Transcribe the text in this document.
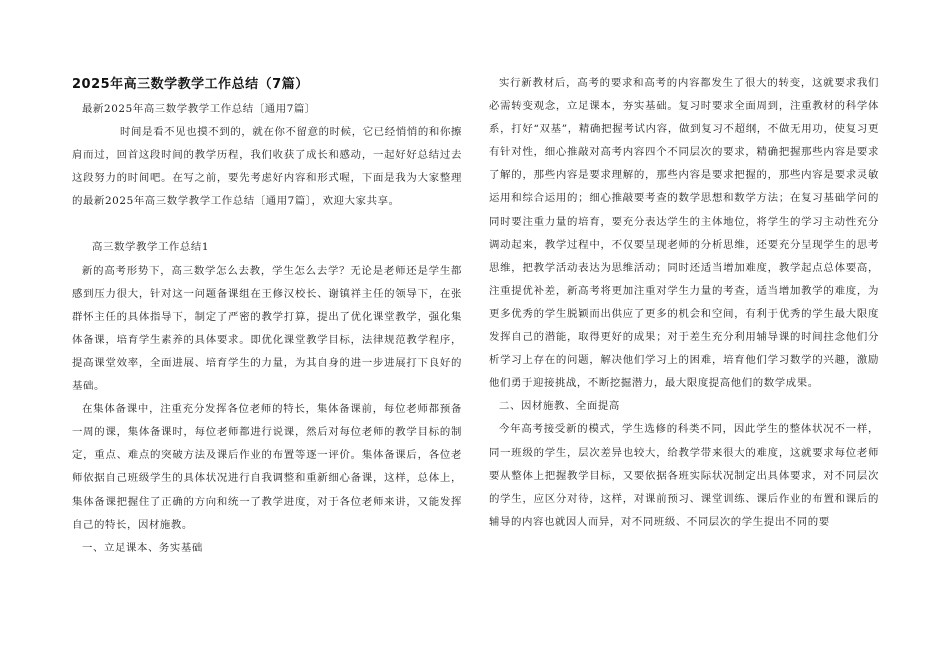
2025年高三数学教学工作总结（7篇）

最新2025年高三数学教学工作总结〔通用7篇〕

时间是看不见也摸不到的，就在你不留意的时候，它已经悄悄的和你擦肩而过，回首这段时间的教学历程，我们收获了成长和感动，一起好好总结过去这段努力的时间吧。在写之前，要先考虑好内容和形式喔，下面是我为大家整理的最新2025年高三数学教学工作总结〔通用7篇〕，欢迎大家共享。

高三数学教学工作总结1

新的高考形势下，高三数学怎么去教，学生怎么去学？无论是老师还是学生都感到压力很大，针对这一问题备课组在王修汉校长、谢镇祥主任的领导下，在张群怀主任的具体指导下，制定了严密的教学打算，提出了优化课堂教学，强化集体备课，培育学生素养的具体要求。即优化课堂教学目标，法律规范教学程序，提高课堂效率，全面进展、培育学生的力量，为其自身的进一步进展打下良好的基础。

在集体备课中，注重充分发挥各位老师的特长，集体备课前，每位老师都预备一周的课，集体备课时，每位老师都进行说课，然后对每位老师的教学目标的制定，重点、难点的突破方法及课后作业的布置等逐一评价。集体备课后，各位老师依据自己班级学生的具体状况进行自我调整和重新细心备课，这样，总体上，集体备课把握住了正确的方向和统一了教学进度，对于各位老师来讲，又能发挥自己的特长，因材施教。

一、立足课本、务实基础

实行新教材后，高考的要求和高考的内容都发生了很大的转变，这就要求我们必需转变观念，立足课本，夯实基础。复习时要求全面周到，注重教材的科学体系，打好“双基”，精确把握考试内容，做到复习不超纲，不做无用功，使复习更有针对性，细心推敲对高考内容四个不同层次的要求，精确把握那些内容是要求了解的，那些内容是要求理解的，那些内容是要求把握的，那些内容是要求灵敏运用和综合运用的；细心推敲要考查的数学思想和数学方法；在复习基础学问的同时要注重力量的培育，要充分表达学生的主体地位，将学生的学习主动性充分调动起来，教学过程中，不仅要呈现老师的分析思维，还要充分呈现学生的思考思维，把教学活动表达为思维活动；同时还适当增加难度，教学起点总体要高，注重提优补差，新高考将更加注重对学生力量的考查，适当增加教学的难度，为更多优秀的学生脱颖而出供应了更多的机会和空间，有利于优秀的学生最大限度发挥自己的潜能，取得更好的成果；对于差生充分利用辅导课的时间拄念他们分析学习上存在的问题，解决他们学习上的困难，培育他们学习数学的兴趣，激励他们勇于迎接挑战，不断挖掘潜力，最大限度提高他们的数学成果。

二、因材施教、全面提高

今年高考接受新的模式，学生选修的科类不同，因此学生的整体状况不一样，同一班级的学生，层次差异也较大，给教学带来很大的难度，这就要求每位老师要从整体上把握教学目标，又要依据各班实际状况制定出具体要求，对不同层次的学生，应区分对待，这样，对课前预习、课堂训练、课后作业的布置和课后的辅导的内容也就因人而异，对不同班级、不同层次的学生提出不同的要
